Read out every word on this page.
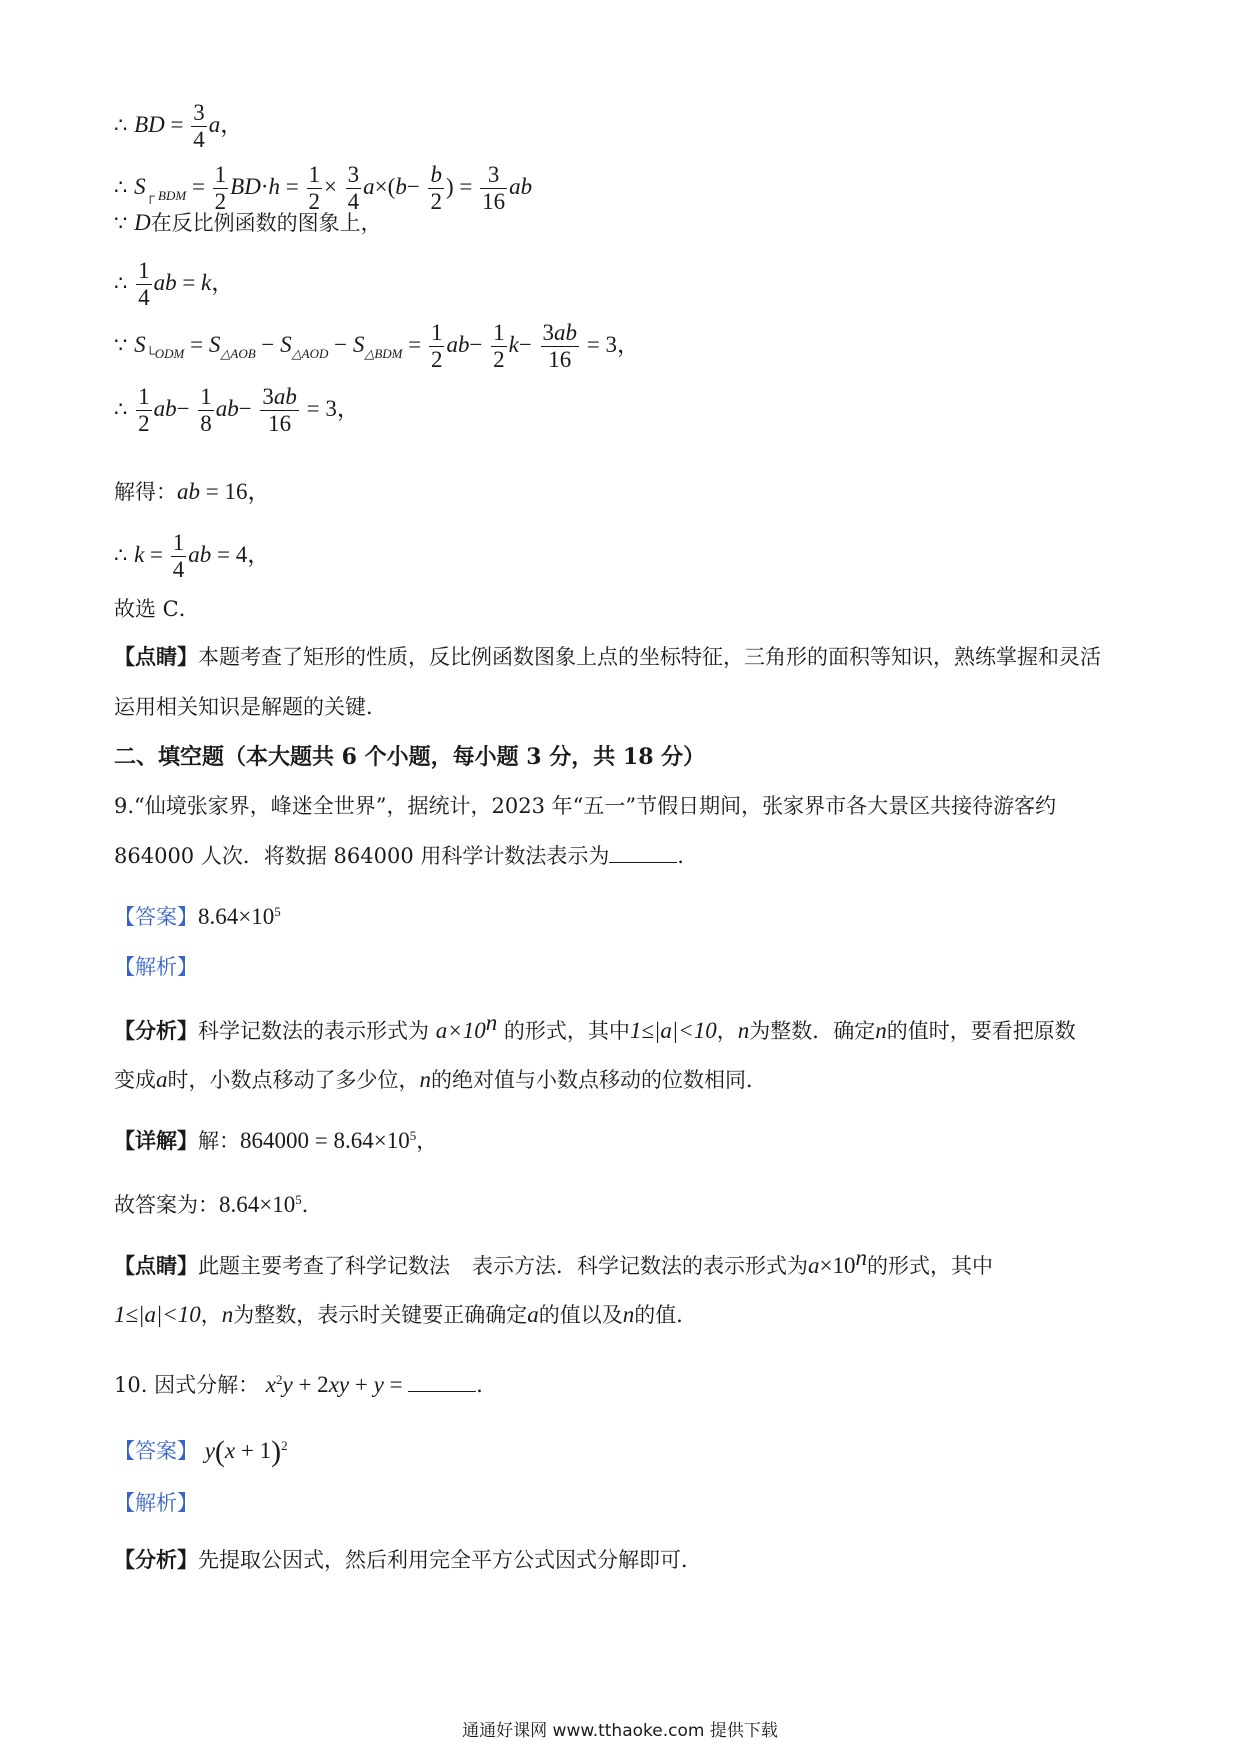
∴ BD = $\frac{3}{4}$ a，
∴ $S_{┌ BDM} = \frac{1}{2} BD\cdot h = \frac{1}{2} \times \frac{3}{4} a\times(b- \frac{b}{2}$ ) = $\frac{3}{16}$ ab
∵ D在反比例函数的图象上，
∴ $\frac{1}{4}$ ab = k，
∵ $S_{└ODM} = S_{\triangle AOB} - S_{\triangle AOD} - S_{\triangle BDM} = \frac{1}{2} ab- \frac{1}{2} k- \frac{3ab}{16} = 3$，
∴ $\frac{1}{2} ab- \frac{1}{8} ab- \frac{3ab}{16} = 3$，
解得：ab = 16，
∴ $k = \frac{1}{4}$ ab = 4，
故选 C．
【点睛】本题考查了矩形的性质，反比例函数图象上点的坐标特征，三角形的面积等知识，熟练掌握和灵活
运用相关知识是解题的关键．
二、填空题（本大题共 6 个小题，每小题 3 分，共 18 分）
9.“仙境张家界，峰迷全世界”，据统计，2023 年“五一”节假日期间，张家界市各大景区共接待游客约
864000 人次．将数据 864000 用科学计数法表示为	．
【答案】$8.64\times 10^5$
【解析】
【分析】科学记数法的表示形式为 $a\times 10^n$ 的形式，其中1≤|a|<10，n为整数．确定n的值时，要看把原数
变成a时，小数点移动了多少位，n的绝对值与小数点移动的位数相同．
【详解】解：$864000 = 8.64\times 10^5$，
故答案为：$8.64\times 10^5$．
【点睛】此题主要考查了科学记数法 表示方法．科学记数法的表示形式为$a\times 10^n$的形式，其中
1≤|a|<10，n为整数，表示时关键要正确确定a的值以及n的值．
10. 因式分解： $x^2y + 2xy + y$ =	．
【答案】 $y(x + 1)^2$
【解析】
【分析】先提取公因式，然后利用完全平方公式因式分解即可．
通通好课网 www.tthaoke.com 提供下载
